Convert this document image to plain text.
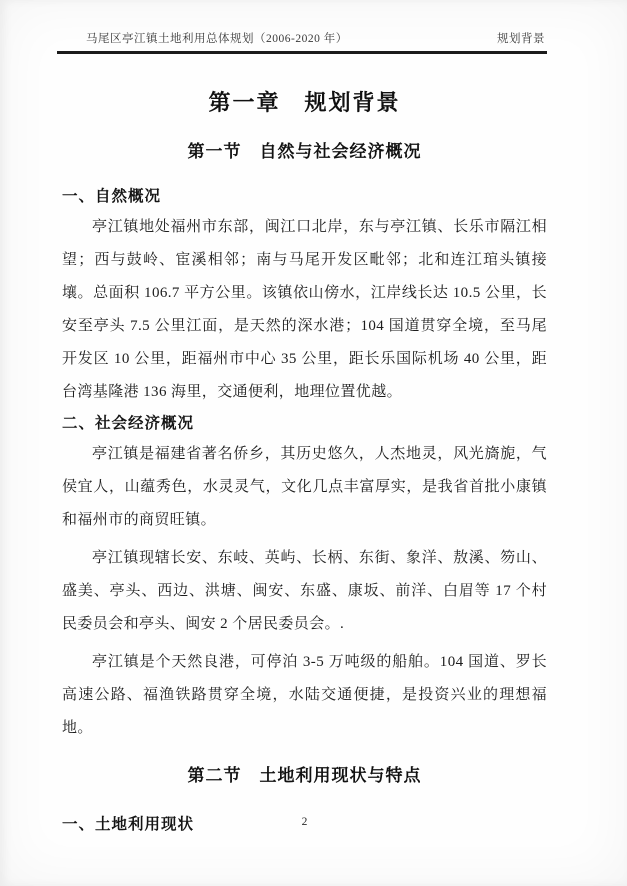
马尾区亭江镇土地利用总体规划（2006-2020 年）	规划背景
第一章　规划背景
第一节　自然与社会经济概况
一、自然概况

亭江镇地处福州市东部，闽江口北岸，东与亭江镇、长乐市隔江相望；西与鼓岭、宦溪相邻；南与马尾开发区毗邻；北和连江琯头镇接壤。总面积 106.7 平方公里。该镇依山傍水，江岸线长达 10.5 公里，长安至亭头 7.5 公里江面，是天然的深水港；104 国道贯穿全境，至马尾开发区 10 公里，距福州市中心 35 公里，距长乐国际机场 40 公里，距台湾基隆港 136 海里，交通便利，地理位置优越。

二、社会经济概况

亭江镇是福建省著名侨乡，其历史悠久，人杰地灵，风光旖旎，气侯宜人，山蕴秀色，水灵灵气，文化几点丰富厚实，是我省首批小康镇和福州市的商贸旺镇。

亭江镇现辖长安、东岐、英屿、长柄、东街、象洋、敖溪、笏山、盛美、亭头、西边、洪塘、闽安、东盛、康坂、前洋、白眉等 17 个村民委员会和亭头、闽安 2 个居民委员会。.

亭江镇是个天然良港，可停泊 3-5 万吨级的船舶。104 国道、罗长高速公路、福渔铁路贯穿全境，水陆交通便捷，是投资兴业的理想福地。

第二节　土地利用现状与特点
一、土地利用现状	2
